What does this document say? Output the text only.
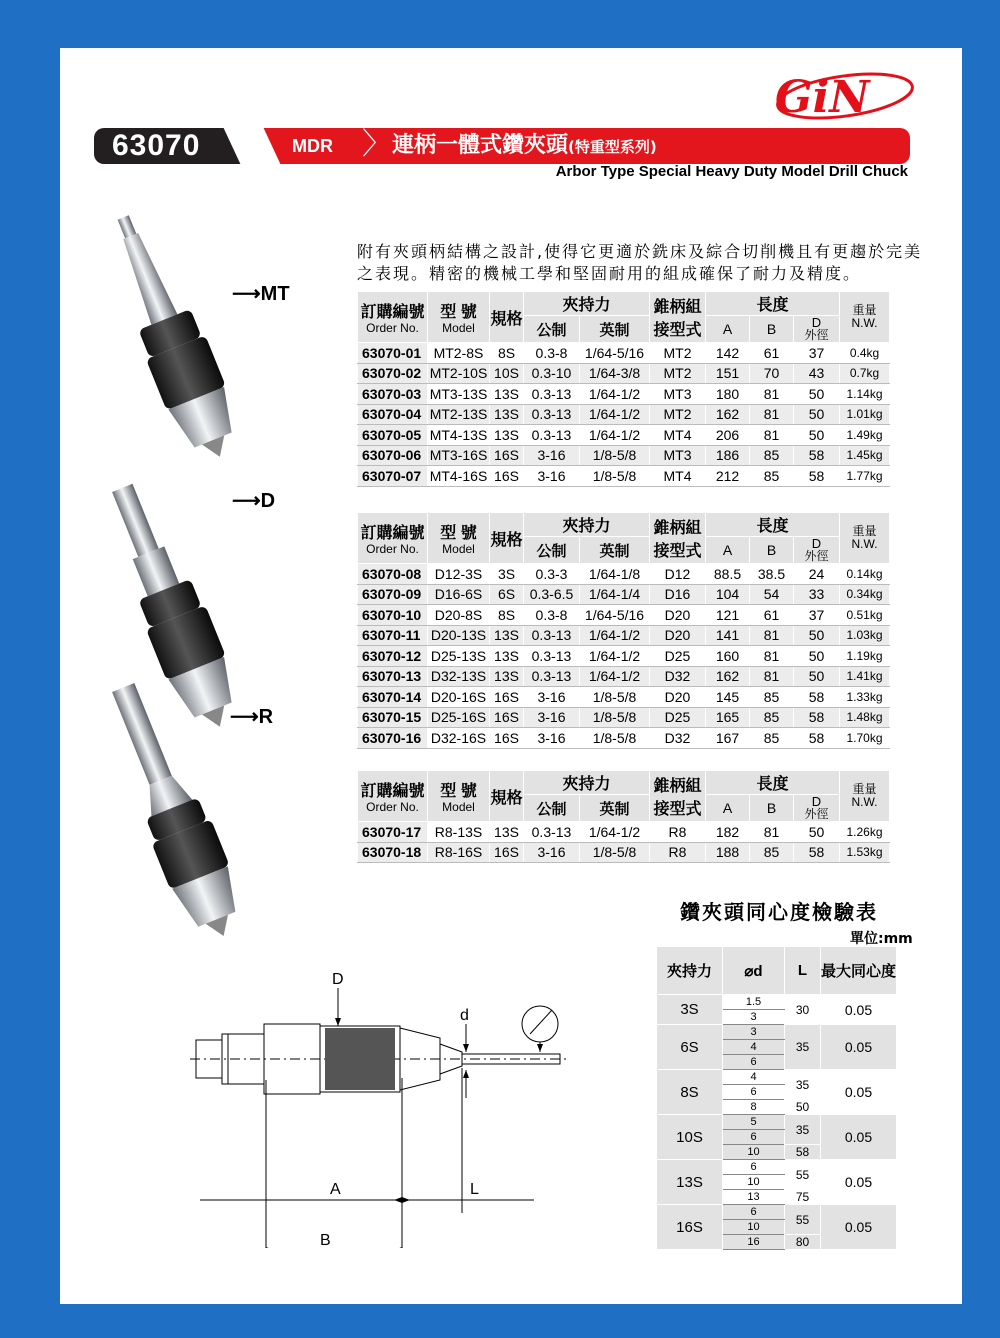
GiN
63070	MDR 〉 連柄一體式鑽夾頭(特重型系列)
Arbor Type Special Heavy Duty Model Drill Chuck
⟶MT
⟶D
⟶R
附有夾頭柄結構之設計,使得它更適於銑床及綜合切削機且有更趨於完美之表現。精密的機械工學和堅固耐用的組成確保了耐力及精度。
訂購編號
Order No.	型 號
Model	規格	夾持力		錐柄組接型式	長度			重量
N.W.

			公制	英制		A	B	D
外徑	

63070-01	MT2-8S	8S	0.3-8	1/64-5/16	MT2	142	61	37	0.4kg
63070-02	MT2-10S	10S	0.3-10	1/64-3/8	MT2	151	70	43	0.7kg
63070-03	MT3-13S	13S	0.3-13	1/64-1/2	MT3	180	81	50	1.14kg
63070-04	MT2-13S	13S	0.3-13	1/64-1/2	MT2	162	81	50	1.01kg
63070-05	MT4-13S	13S	0.3-13	1/64-1/2	MT4	206	81	50	1.49kg
63070-06	MT3-16S	16S	3-16	1/8-5/8	MT3	186	85	58	1.45kg
63070-07	MT4-16S	16S	3-16	1/8-5/8	MT4	212	85	58	1.77kg
訂購編號
Order No.	型 號
Model	規格	夾持力		錐柄組接型式	長度			重量
N.W.

			公制	英制		A	B	D
外徑	

63070-08	D12-3S	3S	0.3-3	1/64-1/8	D12	88.5	38.5	24	0.14kg
63070-09	D16-6S	6S	0.3-6.5	1/64-1/4	D16	104	54	33	0.34kg
63070-10	D20-8S	8S	0.3-8	1/64-5/16	D20	121	61	37	0.51kg
63070-11	D20-13S	13S	0.3-13	1/64-1/2	D20	141	81	50	1.03kg
63070-12	D25-13S	13S	0.3-13	1/64-1/2	D25	160	81	50	1.19kg
63070-13	D32-13S	13S	0.3-13	1/64-1/2	D32	162	81	50	1.41kg
63070-14	D20-16S	16S	3-16	1/8-5/8	D20	145	85	58	1.33kg
63070-15	D25-16S	16S	3-16	1/8-5/8	D25	165	85	58	1.48kg
63070-16	D32-16S	16S	3-16	1/8-5/8	D32	167	85	58	1.70kg
訂購編號
Order No.	型 號
Model	規格	夾持力		錐柄組接型式	長度			重量
N.W.

			公制	英制		A	B	D
外徑	

63070-17	R8-13S	13S	0.3-13	1/64-1/2	R8	182	81	50	1.26kg
63070-18	R8-16S	16S	3-16	1/8-5/8	R8	188	85	58	1.53kg
鑽夾頭同心度檢驗表
單位:mm
夾持力	⌀d	L	最大同心度
3S	1.5	30	0.05
	3		
6S	3	35	0.05
	4		
	6		
8S	4	35	0.05
	6		
	8	50	
10S	5	35	0.05
	6		
	10	58	
13S	6	55	0.05
	10		
	13	75	
16S	6	55	0.05
	10		
	16	80	
D
d
A	L
B
